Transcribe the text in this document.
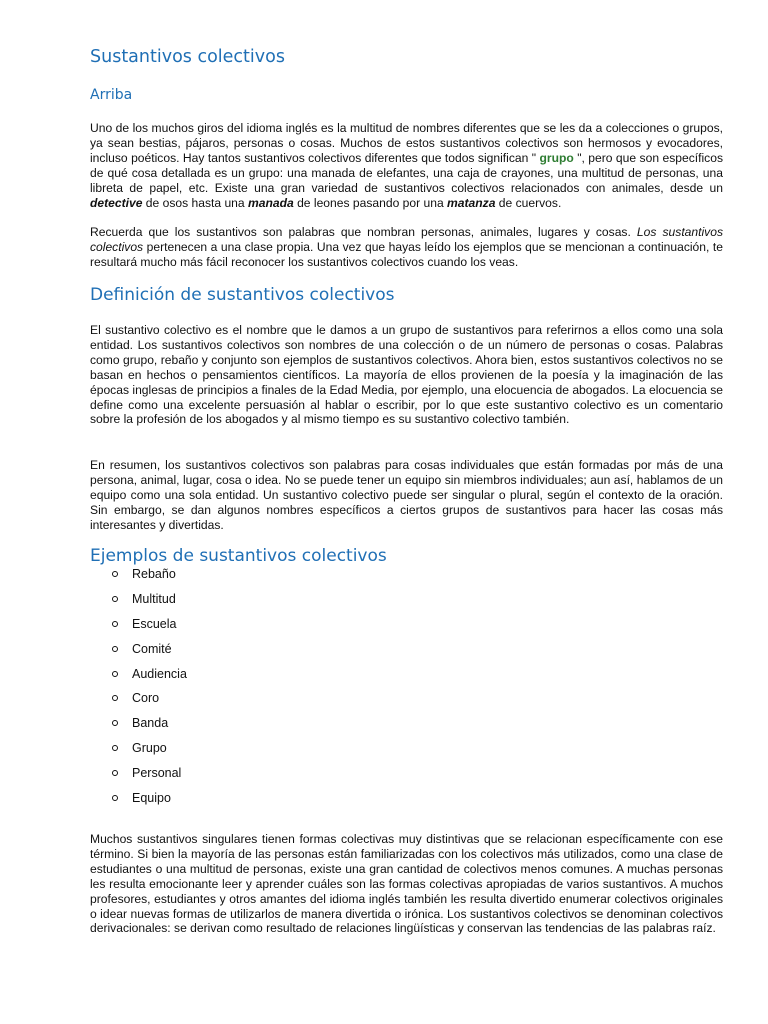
Sustantivos colectivos
Arriba

Uno de los muchos giros del idioma inglés es la multitud de nombres diferentes que se les da a colecciones o grupos, ya sean bestias, pájaros, personas o cosas. Muchos de estos sustantivos colectivos son hermosos y evocadores, incluso poéticos. Hay tantos sustantivos colectivos diferentes que todos significan " grupo ", pero que son específicos de qué cosa detallada es un grupo: una manada de elefantes, una caja de crayones, una multitud de personas, una libreta de papel, etc. Existe una gran variedad de sustantivos colectivos relacionados con animales, desde un detective de osos hasta una manada de leones pasando por una matanza de cuervos.

Recuerda que los sustantivos son palabras que nombran personas, animales, lugares y cosas. Los sustantivos colectivos pertenecen a una clase propia. Una vez que hayas leído los ejemplos que se mencionan a continuación, te resultará mucho más fácil reconocer los sustantivos colectivos cuando los veas.

Definición de sustantivos colectivos

El sustantivo colectivo es el nombre que le damos a un grupo de sustantivos para referirnos a ellos como una sola entidad. Los sustantivos colectivos son nombres de una colección o de un número de personas o cosas. Palabras como grupo, rebaño y conjunto son ejemplos de sustantivos colectivos. Ahora bien, estos sustantivos colectivos no se basan en hechos o pensamientos científicos. La mayoría de ellos provienen de la poesía y la imaginación de las épocas inglesas de principios a finales de la Edad Media, por ejemplo, una elocuencia de abogados. La elocuencia se define como una excelente persuasión al hablar o escribir, por lo que este sustantivo colectivo es un comentario sobre la profesión de los abogados y al mismo tiempo es su sustantivo colectivo también.

En resumen, los sustantivos colectivos son palabras para cosas individuales que están formadas por más de una persona, animal, lugar, cosa o idea. No se puede tener un equipo sin miembros individuales; aun así, hablamos de un equipo como una sola entidad. Un sustantivo colectivo puede ser singular o plural, según el contexto de la oración. Sin embargo, se dan algunos nombres específicos a ciertos grupos de sustantivos para hacer las cosas más interesantes y divertidas.

Ejemplos de sustantivos colectivos
Rebaño
Multitud
Escuela
Comité
Audiencia
Coro
Banda
Grupo
Personal
Equipo

Muchos sustantivos singulares tienen formas colectivas muy distintivas que se relacionan específicamente con ese término. Si bien la mayoría de las personas están familiarizadas con los colectivos más utilizados, como una clase de estudiantes o una multitud de personas, existe una gran cantidad de colectivos menos comunes. A muchas personas les resulta emocionante leer y aprender cuáles son las formas colectivas apropiadas de varios sustantivos. A muchos profesores, estudiantes y otros amantes del idioma inglés también les resulta divertido enumerar colectivos originales o idear nuevas formas de utilizarlos de manera divertida o irónica. Los sustantivos colectivos se denominan colectivos derivacionales: se derivan como resultado de relaciones lingüísticas y conservan las tendencias de las palabras raíz.
